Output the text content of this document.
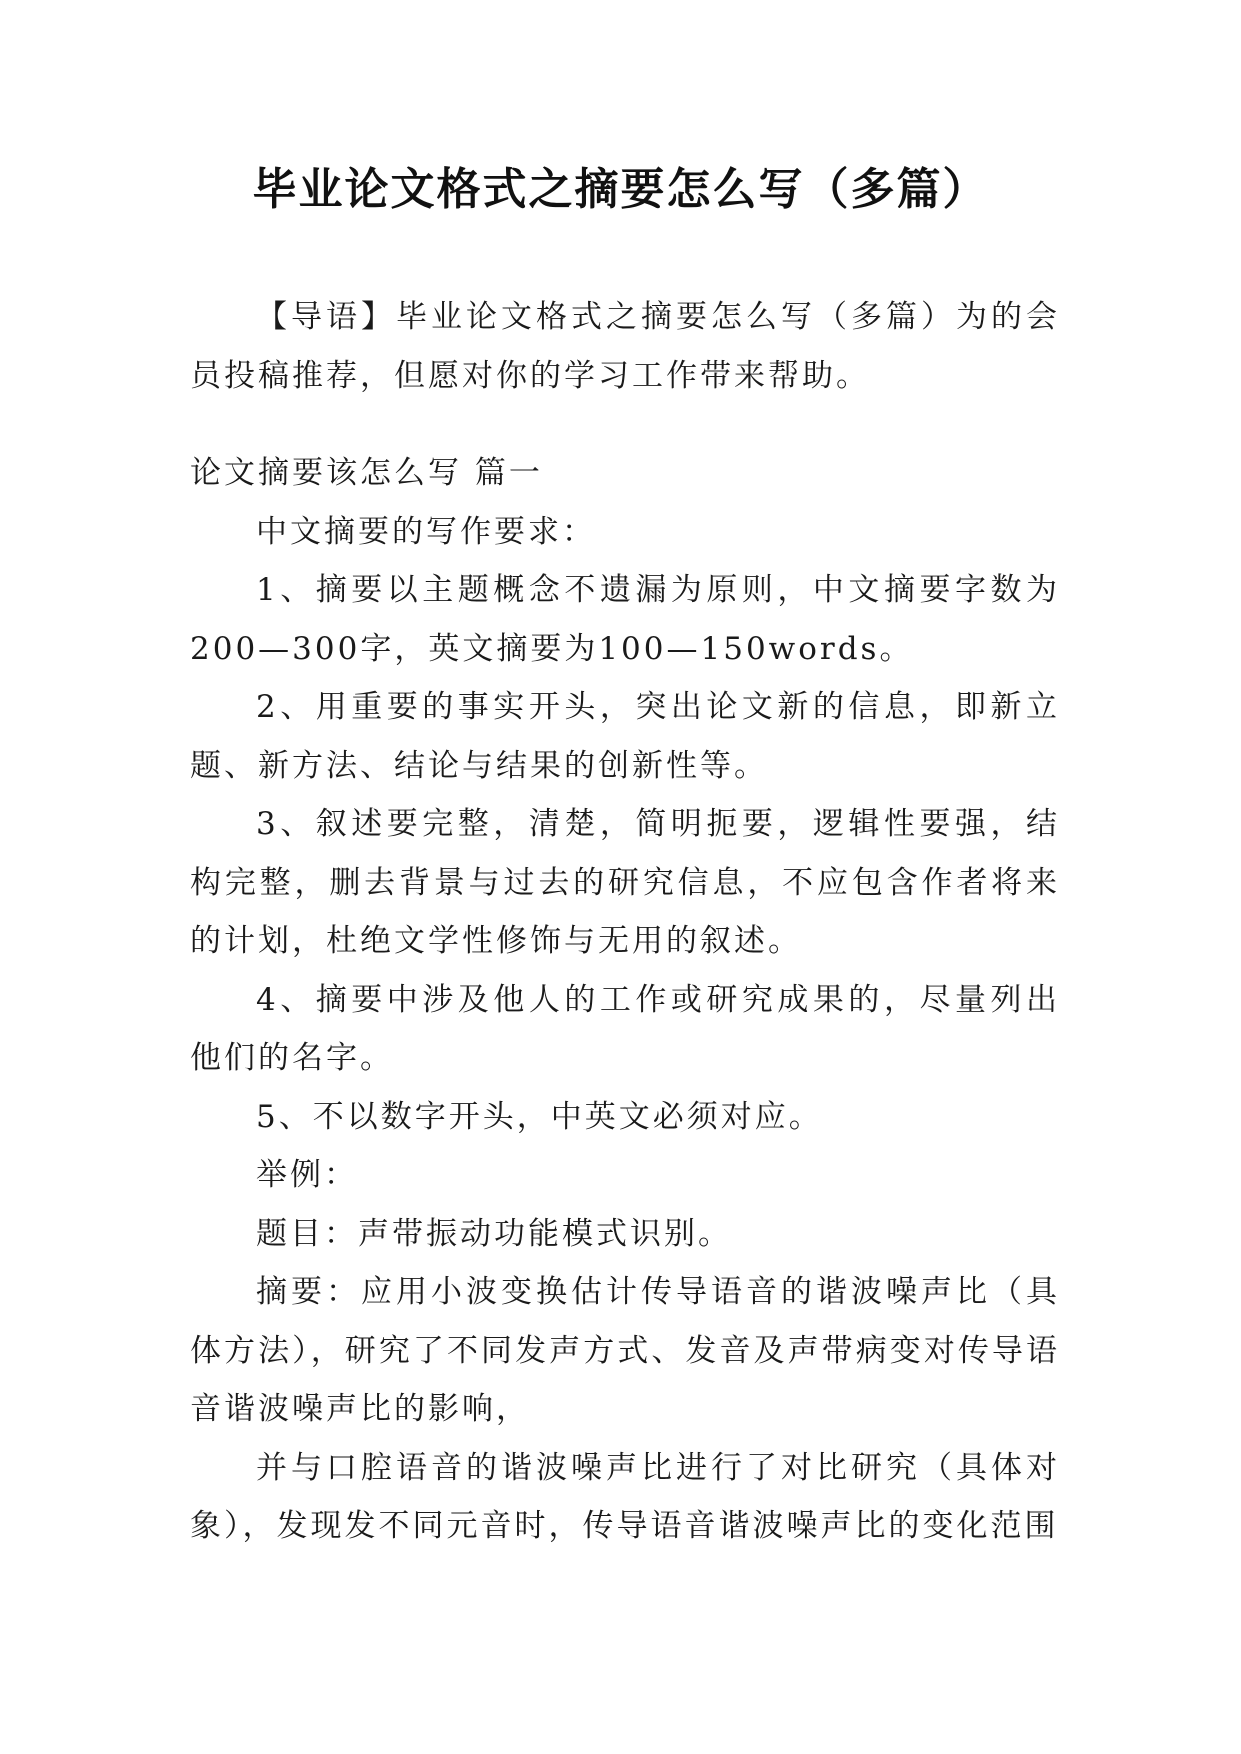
毕业论文格式之摘要怎么写（多篇）

【导语】毕业论文格式之摘要怎么写（多篇）为的会员投稿推荐，但愿对你的学习工作带来帮助。

论文摘要该怎么写 篇一

中文摘要的写作要求：

1、摘要以主题概念不遗漏为原则，中文摘要字数为200—300字，英文摘要为100—150words。

2、用重要的事实开头，突出论文新的信息，即新立题、新方法、结论与结果的创新性等。

3、叙述要完整，清楚，简明扼要，逻辑性要强，结构完整，删去背景与过去的研究信息，不应包含作者将来的计划，杜绝文学性修饰与无用的叙述。

4、摘要中涉及他人的工作或研究成果的，尽量列出他们的名字。

5、不以数字开头，中英文必须对应。

举例：

题目：声带振动功能模式识别。

摘要：应用小波变换估计传导语音的谐波噪声比（具体方法），研究了不同发声方式、发音及声带病变对传导语音谐波噪声比的影响，

并与口腔语音的谐波噪声比进行了对比研究（具体对象），发现发不同元音时，传导语音谐波噪声比的变化范围
